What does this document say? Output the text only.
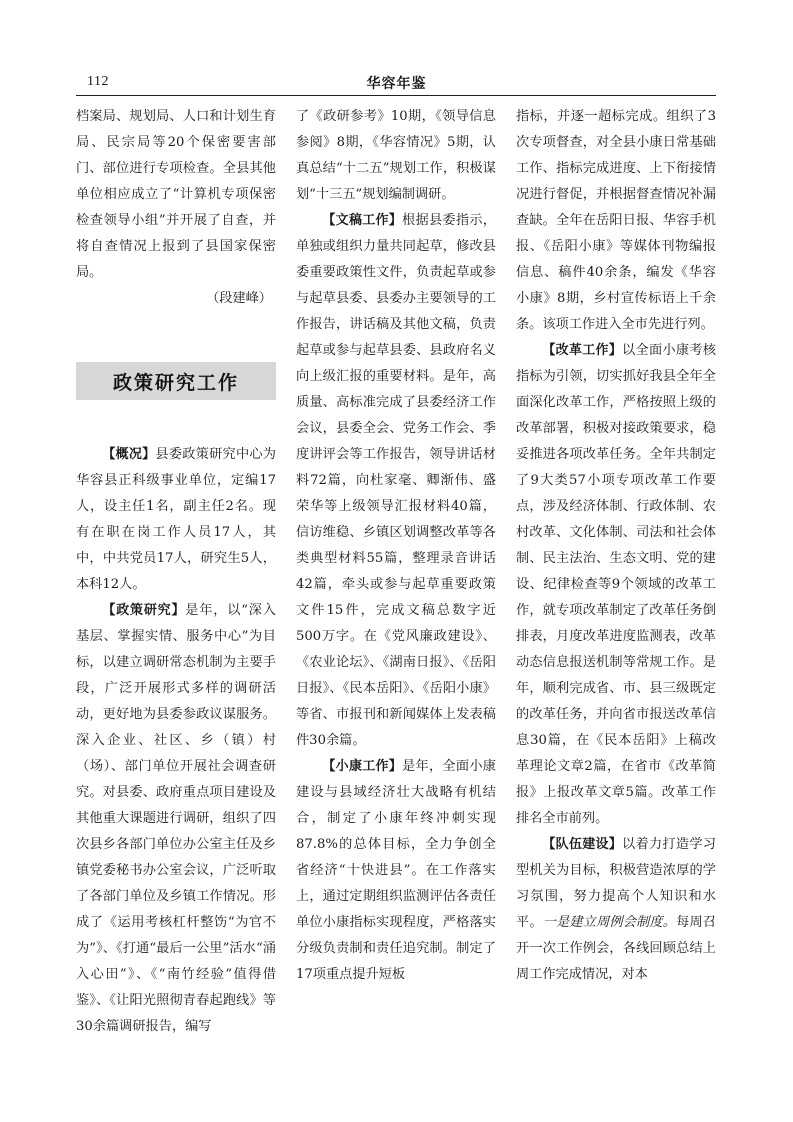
112	华容年鉴

档案局、规划局、人口和计划生育局、民宗局等20个保密要害部门、部位进行专项检查。全县其他单位相应成立了“计算机专项保密检查领导小组”并开展了自查，并将自查情况上报到了县国家保密局。

（段建峰）

政策研究工作

【概况】县委政策研究中心为华容县正科级事业单位，定编17人，设主任1名，副主任2名。现有在职在岗工作人员17人，其中，中共党员17人，研究生5人，本科12人。

【政策研究】是年，以“深入基层、掌握实情、服务中心”为目标，以建立调研常态机制为主要手段，广泛开展形式多样的调研活动，更好地为县委参政议谋服务。深入企业、社区、乡（镇）村（场）、部门单位开展社会调查研究。对县委、政府重点项目建设及其他重大课题进行调研，组织了四次县乡各部门单位办公室主任及乡镇党委秘书办公室会议，广泛听取了各部门单位及乡镇工作情况。形成了《运用考核杠杆整饬“为官不为”》、《打通“最后一公里”活水“涌入心田”》、《“南竹经验”值得借鉴》、《让阳光照彻青春起跑线》等30余篇调研报告，编写

了《政研参考》10期，《领导信息参阅》8期，《华容情况》5期，认真总结“十二五”规划工作，积极谋划“十三五”规划编制调研。

【文稿工作】根据县委指示，单独或组织力量共同起草，修改县委重要政策性文件，负责起草或参与起草县委、县委办主要领导的工作报告，讲话稿及其他文稿，负责起草或参与起草县委、县政府名义向上级汇报的重要材料。是年，高质量、高标准完成了县委经济工作会议，县委全会、党务工作会、季度讲评会等工作报告，领导讲话材料72篇，向杜家毫、卿渐伟、盛荣华等上级领导汇报材料40篇，信访维稳、乡镇区划调整改革等各类典型材料55篇，整理录音讲话42篇，牵头或参与起草重要政策文件15件，完成文稿总数字近500万字。在《党风廉政建设》、《农业论坛》、《湖南日报》、《岳阳日报》、《民本岳阳》、《岳阳小康》等省、市报刊和新闻媒体上发表稿件30余篇。

【小康工作】是年，全面小康建设与县域经济壮大战略有机结合，制定了小康年终冲刺实现87.8%的总体目标，全力争创全省经济“十快进县”。在工作落实上，通过定期组织监测评估各责任单位小康指标实现程度，严格落实分级负责制和责任追究制。制定了17项重点提升短板

指标，并逐一超标完成。组织了3次专项督查，对全县小康日常基础工作、指标完成进度、上下衔接情况进行督促，并根据督查情况补漏查缺。全年在岳阳日报、华容手机报、《岳阳小康》等媒体刊物编报信息、稿件40余条，编发《华容小康》8期，乡村宣传标语上千余条。该项工作进入全市先进行列。

【改革工作】以全面小康考核指标为引领，切实抓好我县全年全面深化改革工作，严格按照上级的改革部署，积极对接政策要求，稳妥推进各项改革任务。全年共制定了9大类57小项专项改革工作要点，涉及经济体制、行政体制、农村改革、文化体制、司法和社会体制、民主法治、生态文明、党的建设、纪律检查等9个领域的改革工作，就专项改革制定了改革任务倒排表，月度改革进度监测表，改革动态信息报送机制等常规工作。是年，顺利完成省、市、县三级既定的改革任务，并向省市报送改革信息30篇，在《民本岳阳》上稿改革理论文章2篇，在省市《改革简报》上报改革文章5篇。改革工作排名全市前列。

【队伍建设】以着力打造学习型机关为目标，积极营造浓厚的学习氛围，努力提高个人知识和水平。一是建立周例会制度。每周召开一次工作例会，各线回顾总结上周工作完成情况，对本
